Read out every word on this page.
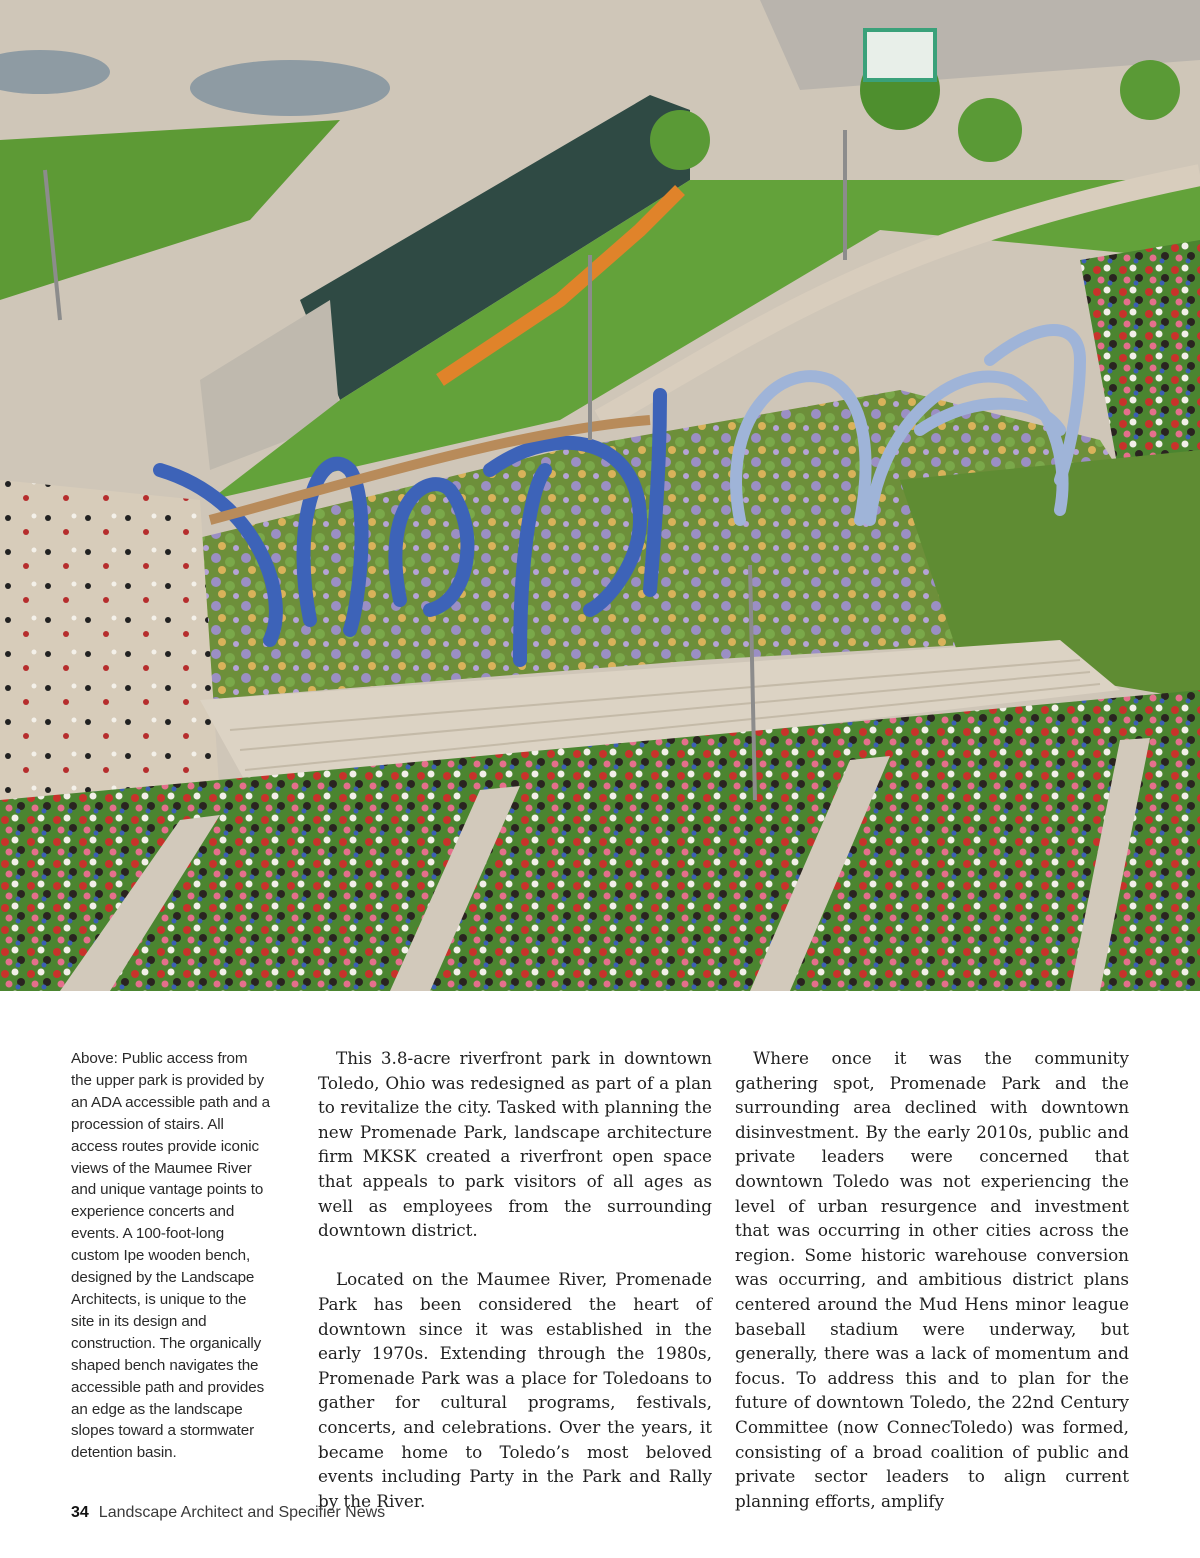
Above: Public access from the upper park is provided by an ADA accessible path and a procession of stairs. All access routes provide iconic views of the Maumee River and unique vantage points to experience concerts and events. A 100-foot-long custom Ipe wooden bench, designed by the Landscape Architects, is unique to the site in its design and construction. The organically shaped bench navigates the accessible path and provides an edge as the landscape slopes toward a stormwater detention basin.

This 3.8-acre riverfront park in downtown Toledo, Ohio was redesigned as part of a plan to revitalize the city. Tasked with planning the new Promenade Park, landscape architecture firm MKSK created a riverfront open space that appeals to park visitors of all ages as well as employees from the surrounding downtown district.

Located on the Maumee River, Promenade Park has been considered the heart of downtown since it was established in the early 1970s. Extending through the 1980s, Promenade Park was a place for Toledoans to gather for cultural programs, festivals, concerts, and celebrations. Over the years, it became home to Toledo’s most beloved events including Party in the Park and Rally by the River.

Where once it was the community gathering spot, Promenade Park and the surrounding area declined with downtown disinvestment. By the early 2010s, public and private leaders were concerned that downtown Toledo was not experiencing the level of urban resurgence and investment that was occurring in other cities across the region. Some historic warehouse conversion was occurring, and ambitious district plans centered around the Mud Hens minor league baseball stadium were underway, but generally, there was a lack of momentum and focus. To address this and to plan for the future of downtown Toledo, the 22nd Century Committee (now ConnecToledo) was formed, consisting of a broad coalition of public and private sector leaders to align current planning efforts, amplify

34 Landscape Architect and Specifier News
